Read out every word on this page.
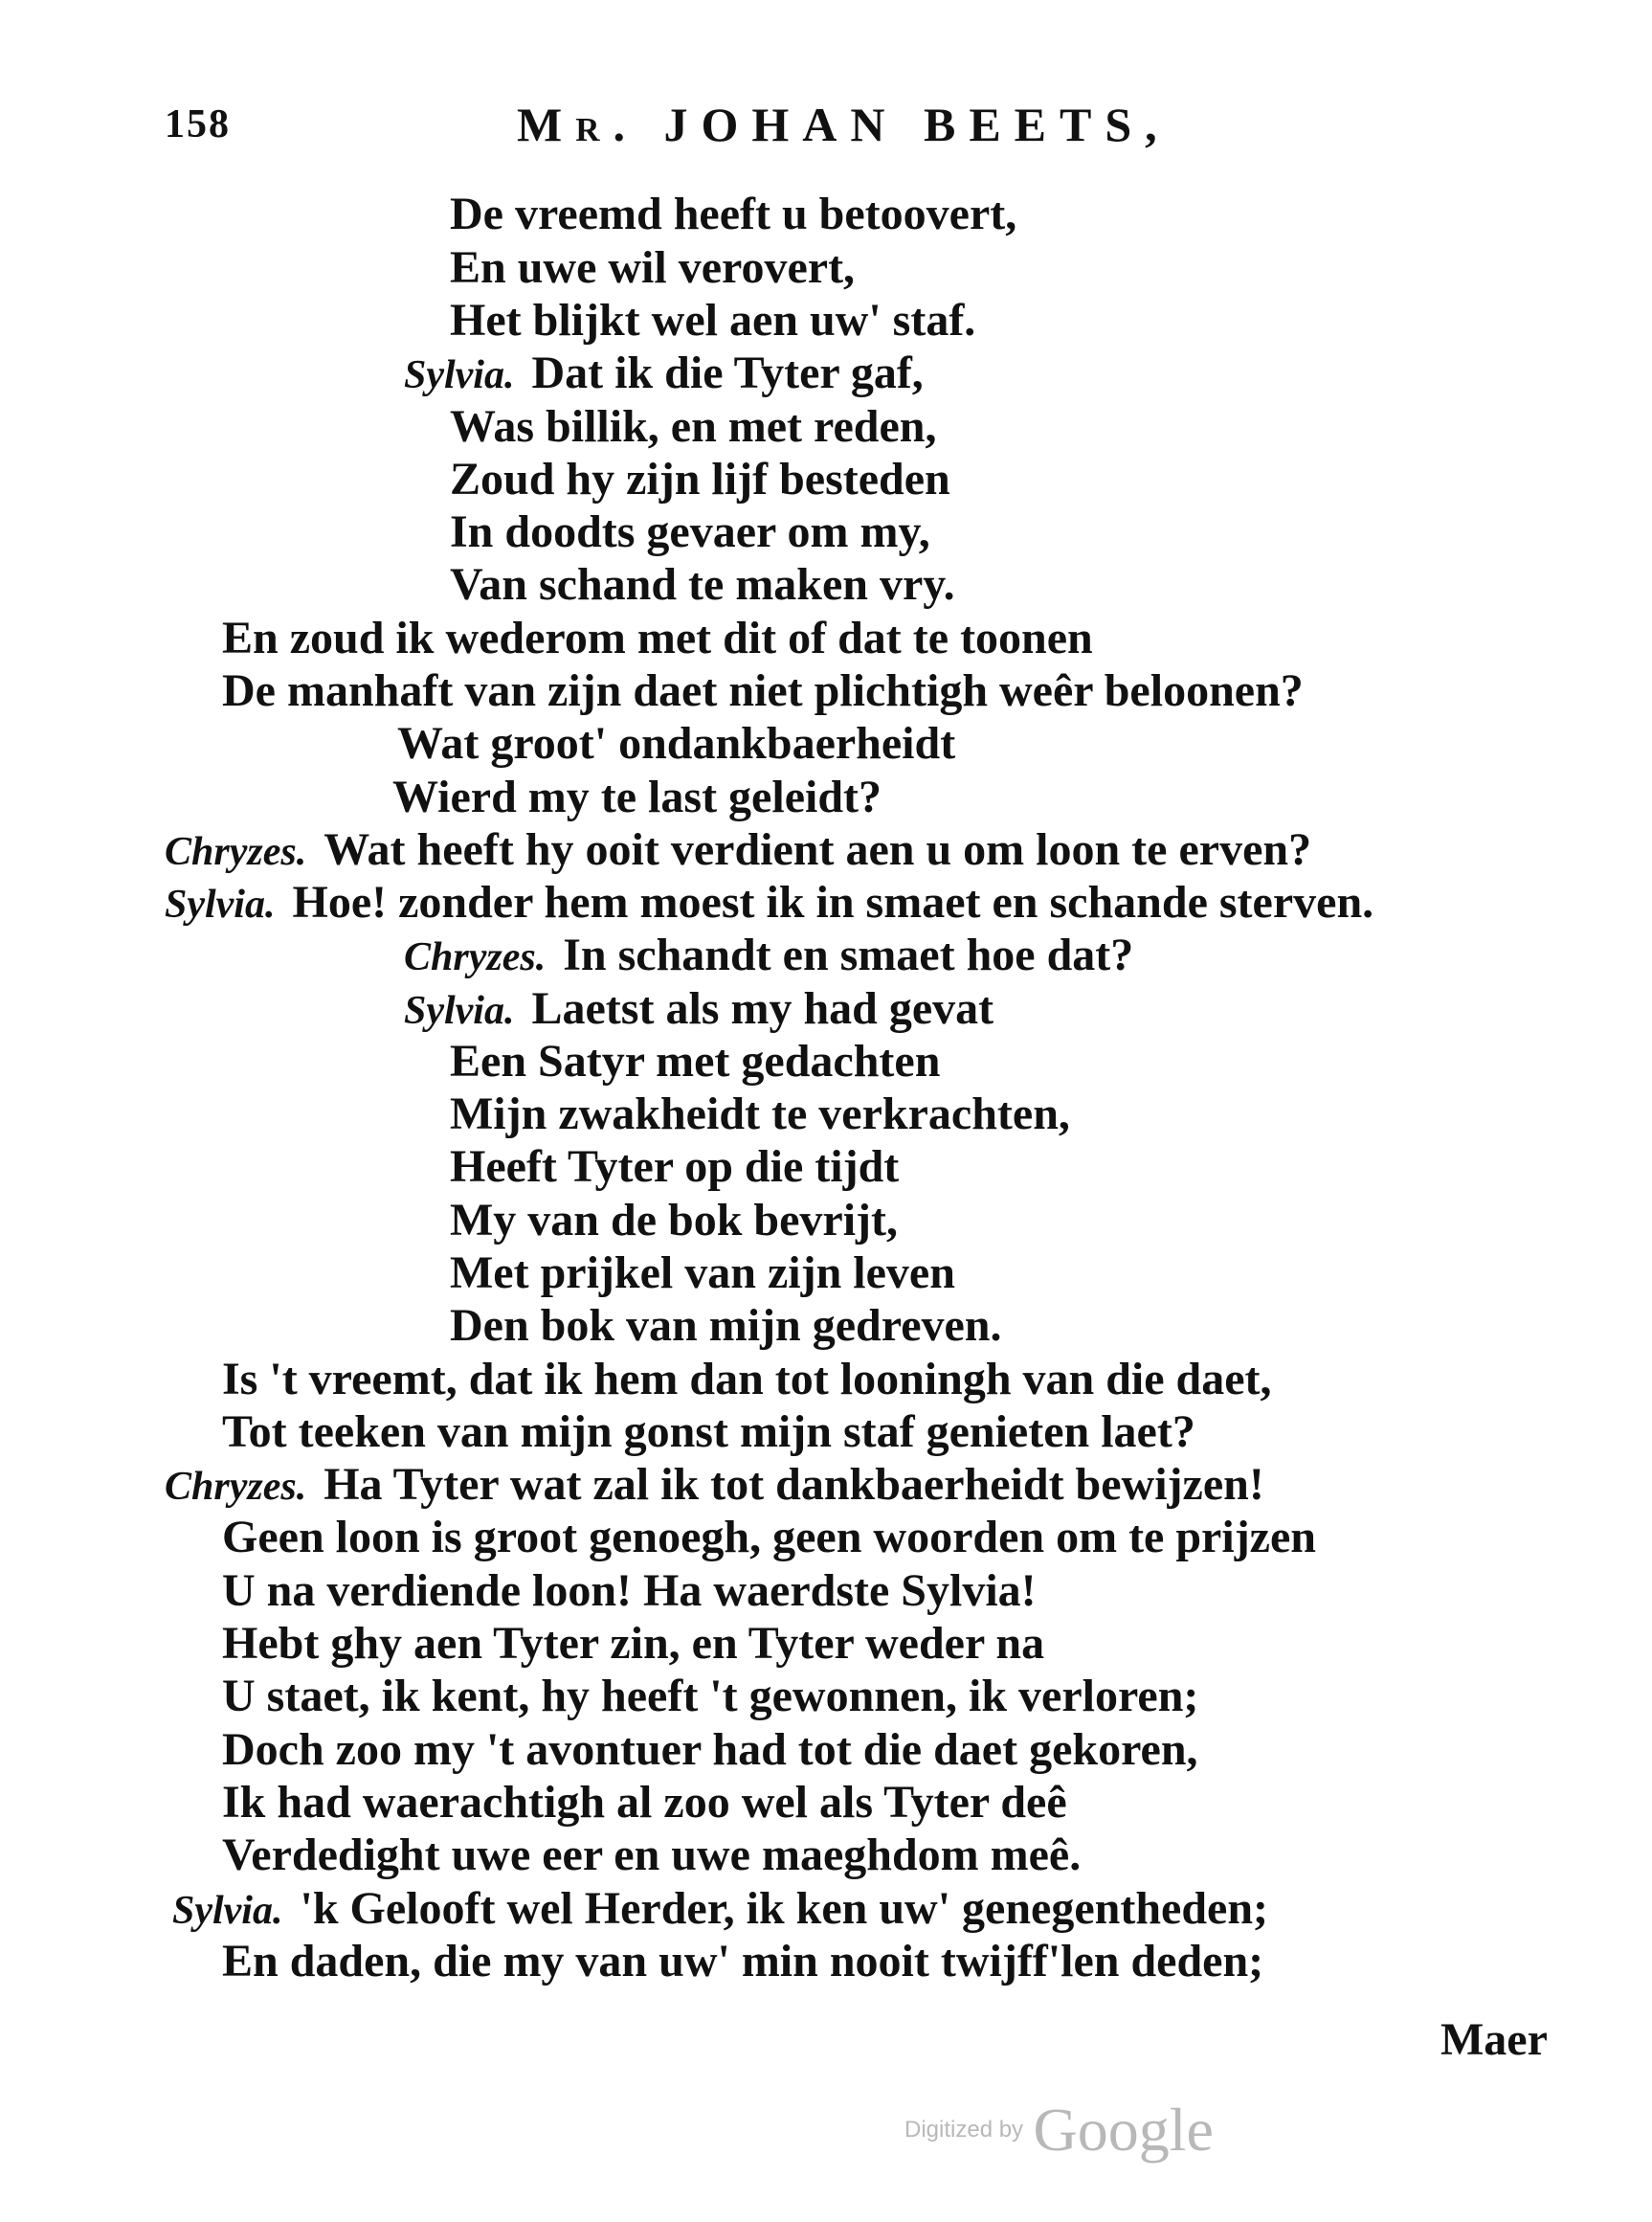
158	Mr. JOHAN BEETS,
De vreemd heeft u betoovert,
En uwe wil verovert,
Het blijkt wel aen uw' staf.
Sylvia. Dat ik die Tyter gaf,
Was billik, en met reden,
Zoud hy zijn lijf besteden
In doodts gevaer om my,
Van schand te maken vry.
En zoud ik wederom met dit of dat te toonen
De manhaft van zijn daet niet plichtigh weêr beloonen?
Wat groot' ondankbaerheidt
Wierd my te last geleidt?
Chryzes. Wat heeft hy ooit verdient aen u om loon te erven?
Sylvia. Hoe! zonder hem moest ik in smaet en schande sterven.
Chryzes. In schandt en smaet hoe dat?
Sylvia. Laetst als my had gevat
Een Satyr met gedachten
Mijn zwakheidt te verkrachten,
Heeft Tyter op die tijdt
My van de bok bevrijt,
Met prijkel van zijn leven
Den bok van mijn gedreven.
Is 't vreemt, dat ik hem dan tot looningh van die daet,
Tot teeken van mijn gonst mijn staf genieten laet?
Chryzes. Ha Tyter wat zal ik tot dankbaerheidt bewijzen!
Geen loon is groot genoegh, geen woorden om te prijzen
U na verdiende loon! Ha waerdste Sylvia!
Hebt ghy aen Tyter zin, en Tyter weder na
U staet, ik kent, hy heeft 't gewonnen, ik verloren;
Doch zoo my 't avontuer had tot die daet gekoren,
Ik had waerachtigh al zoo wel als Tyter deê
Verdedight uwe eer en uwe maeghdom meê.
Sylvia. 'k Gelooft wel Herder, ik ken uw' genegentheden;
En daden, die my van uw' min nooit twijff'len deden;
Maer
Digitized by Google
